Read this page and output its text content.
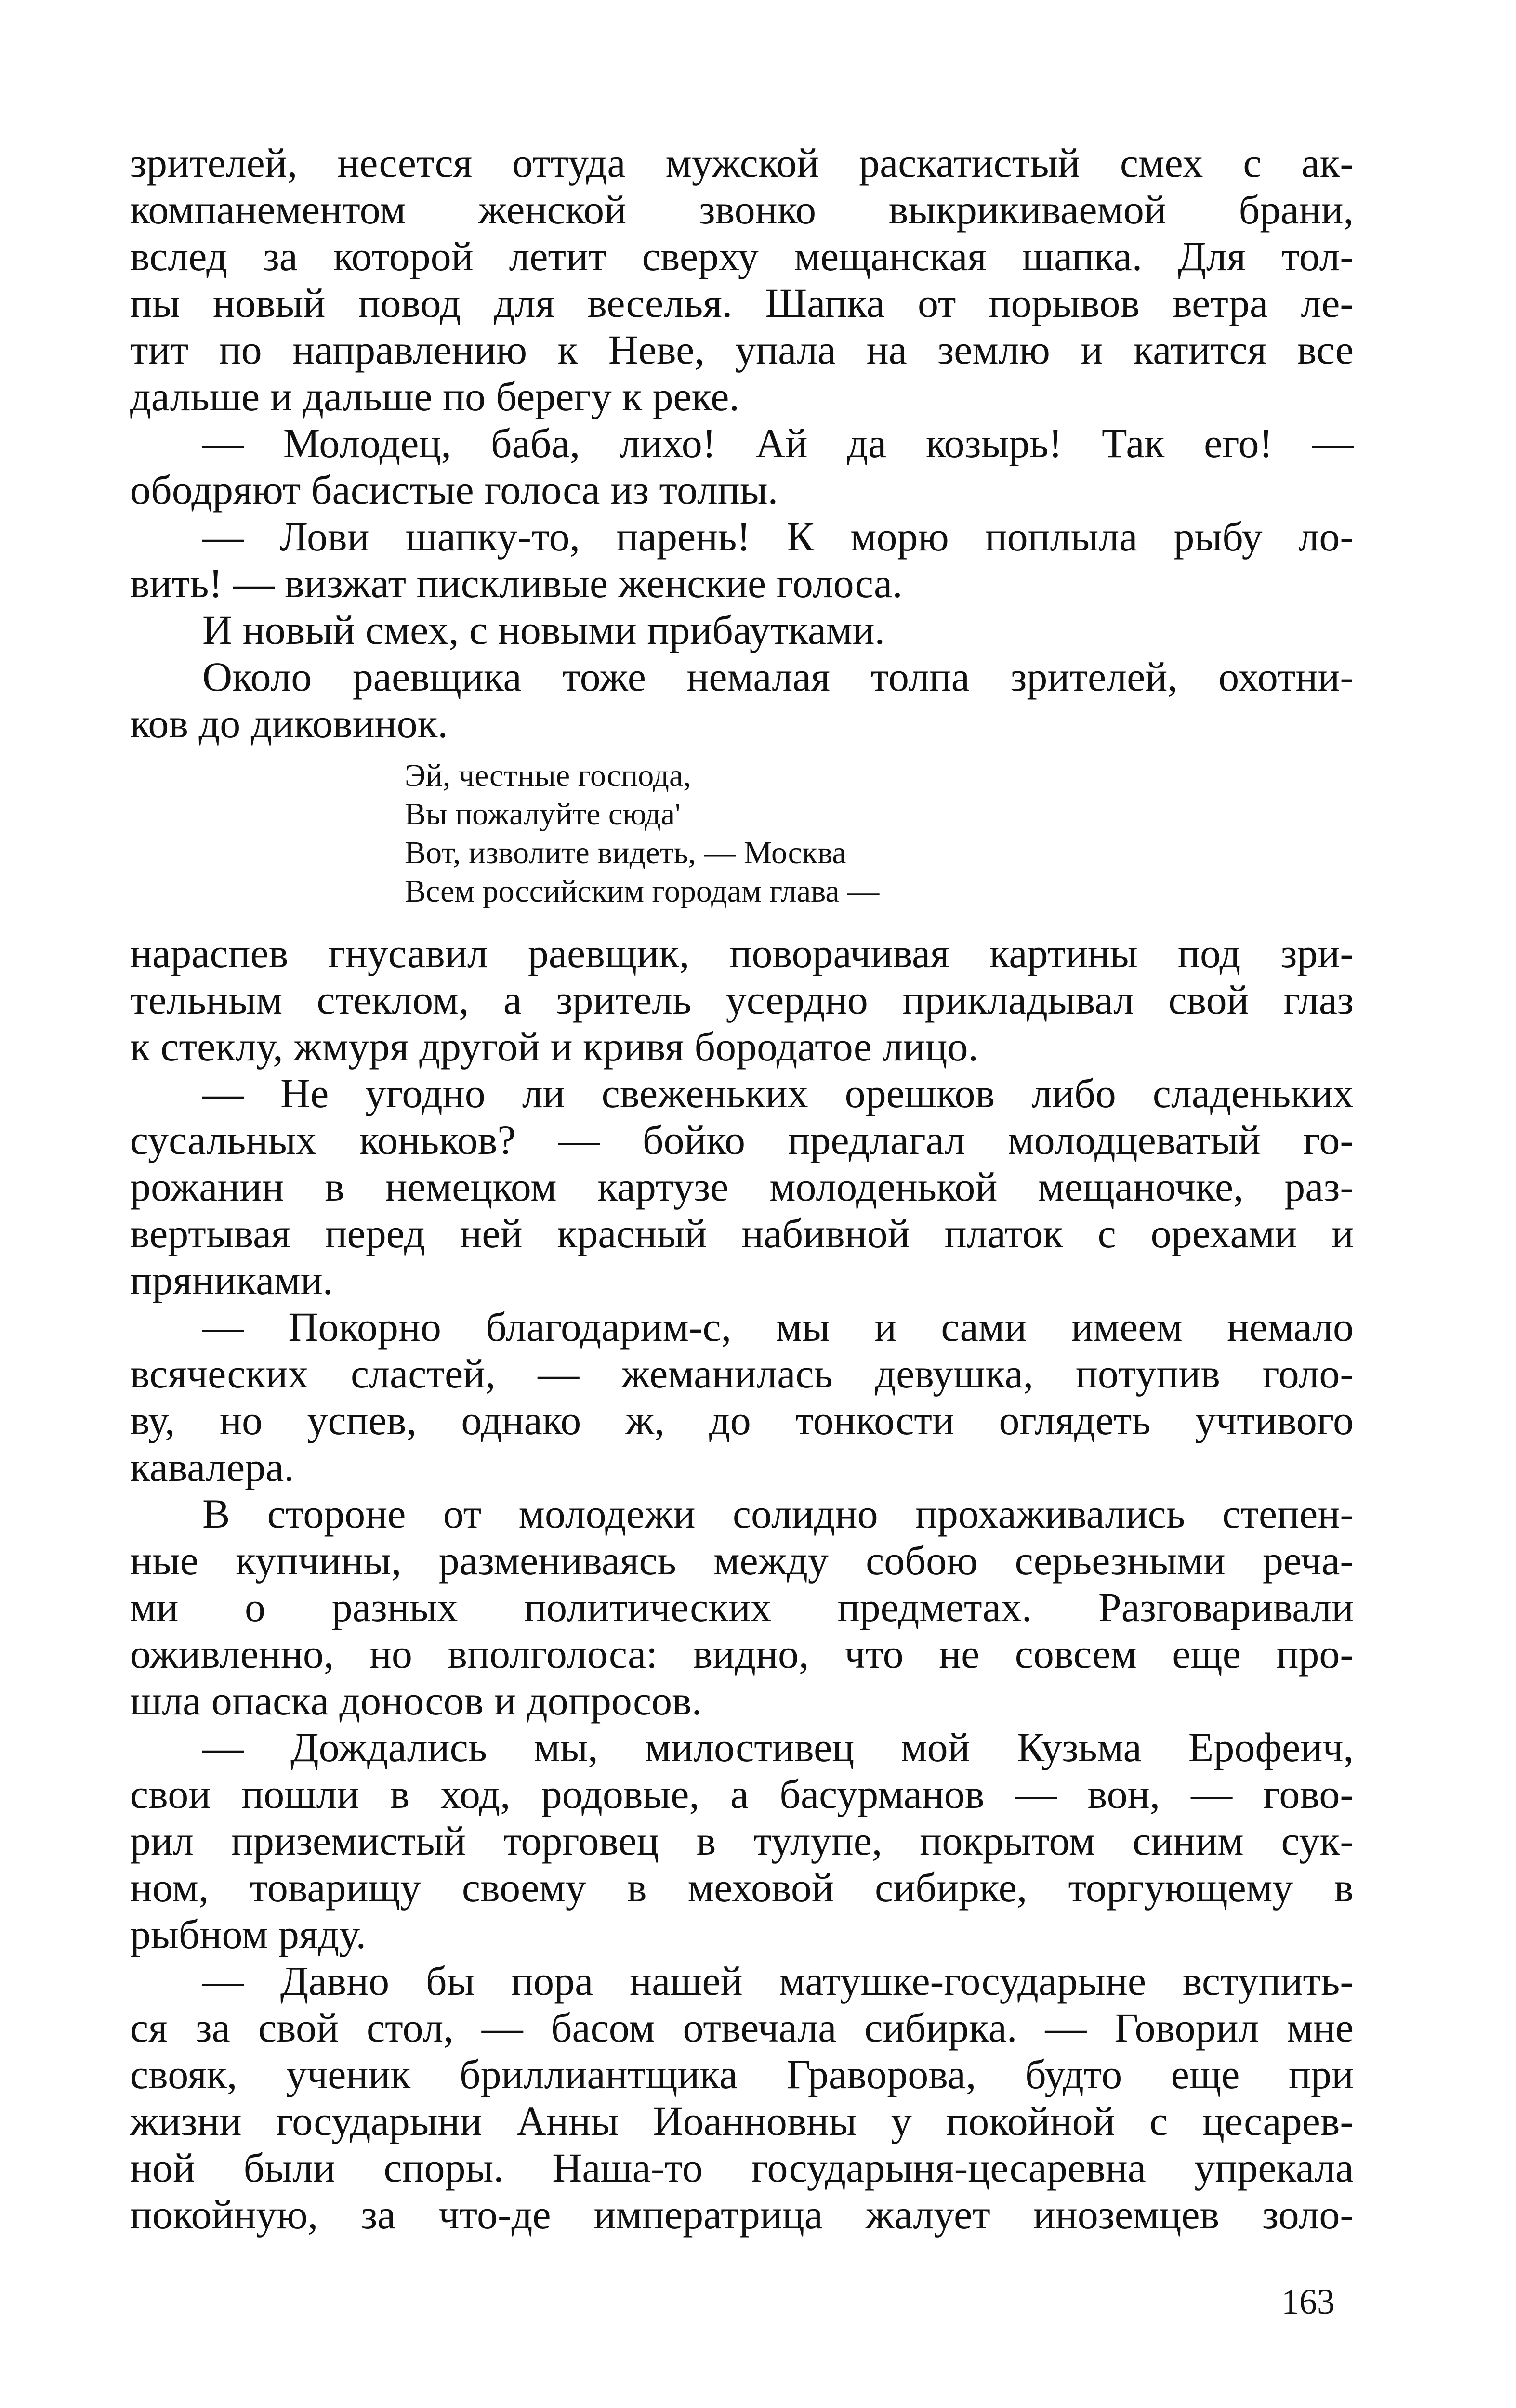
зрителей, несется оттуда мужской раскатистый смех с ак-
компанементом женской звонко выкрикиваемой брани,
вслед за которой летит сверху мещанская шапка. Для тол-
пы новый повод для веселья. Шапка от порывов ветра ле-
тит по направлению к Неве, упала на землю и катится все
дальше и дальше по берегу к реке.
— Молодец, баба, лихо! Ай да козырь! Так его! —
ободряют басистые голоса из толпы.
— Лови шапку-то, парень! К морю поплыла рыбу ло-
вить! — визжат пискливые женские голоса.
И новый смех, с новыми прибаутками.
Около раевщика тоже немалая толпа зрителей, охотни-
ков до диковинок.
Эй, честные господа,
Вы пожалуйте сюда'
Вот, изволите видеть, — Москва
Всем российским городам глава —
нараспев гнусавил раевщик, поворачивая картины под зри-
тельным стеклом, а зритель усердно прикладывал свой глаз
к стеклу, жмуря другой и кривя бородатое лицо.
— Не угодно ли свеженьких орешков либо сладеньких
сусальных коньков? — бойко предлагал молодцеватый го-
рожанин в немецком картузе молоденькой мещаночке, раз-
вертывая перед ней красный набивной платок с орехами и
пряниками.
— Покорно благодарим-с, мы и сами имеем немало
всяческих сластей, — жеманилась девушка, потупив голо-
ву, но успев, однако ж, до тонкости оглядеть учтивого
кавалера.
В стороне от молодежи солидно прохаживались степен-
ные купчины, размениваясь между собою серьезными реча-
ми о разных политических предметах. Разговаривали
оживленно, но вполголоса: видно, что не совсем еще про-
шла опаска доносов и допросов.
— Дождались мы, милостивец мой Кузьма Ерофеич,
свои пошли в ход, родовые, а басурманов — вон, — гово-
рил приземистый торговец в тулупе, покрытом синим сук-
ном, товарищу своему в меховой сибирке, торгующему в
рыбном ряду.
— Давно бы пора нашей матушке-государыне вступить-
ся за свой стол, — басом отвечала сибирка. — Говорил мне
свояк, ученик бриллиантщика Граворова, будто еще при
жизни государыни Анны Иоанновны у покойной с цесарев-
ной были споры. Наша-то государыня-цесаревна упрекала
покойную, за что-де императрица жалует иноземцев золо-
163
